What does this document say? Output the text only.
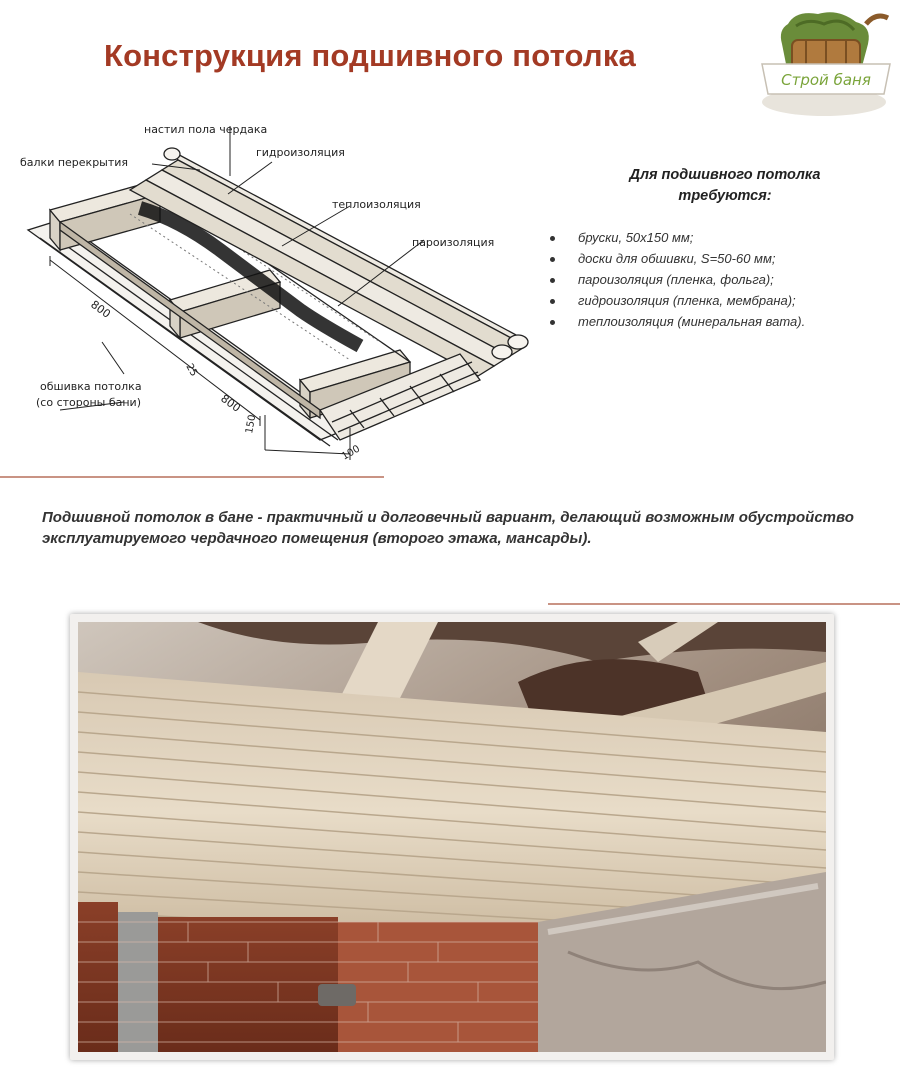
Конструкция подшивного потолка
Строй баня
настил пола чердака
балки перекрытия
гидроизоляция
теплоизоляция
пароизоляция
обшивка потолка
(со стороны бани)
800
800
25
150
100
Для подшивного потолка
требуются:
бруски, 50х150 мм;
доски для обшивки, S=50-60 мм;
пароизоляция (пленка, фольга);
гидроизоляция (пленка, мембрана);
теплоизоляция (минеральная вата).

Подшивной потолок в бане - практичный и долговечный вариант, делающий возможным обустройство эксплуатируемого чердачного помещения (второго этажа, мансарды).
